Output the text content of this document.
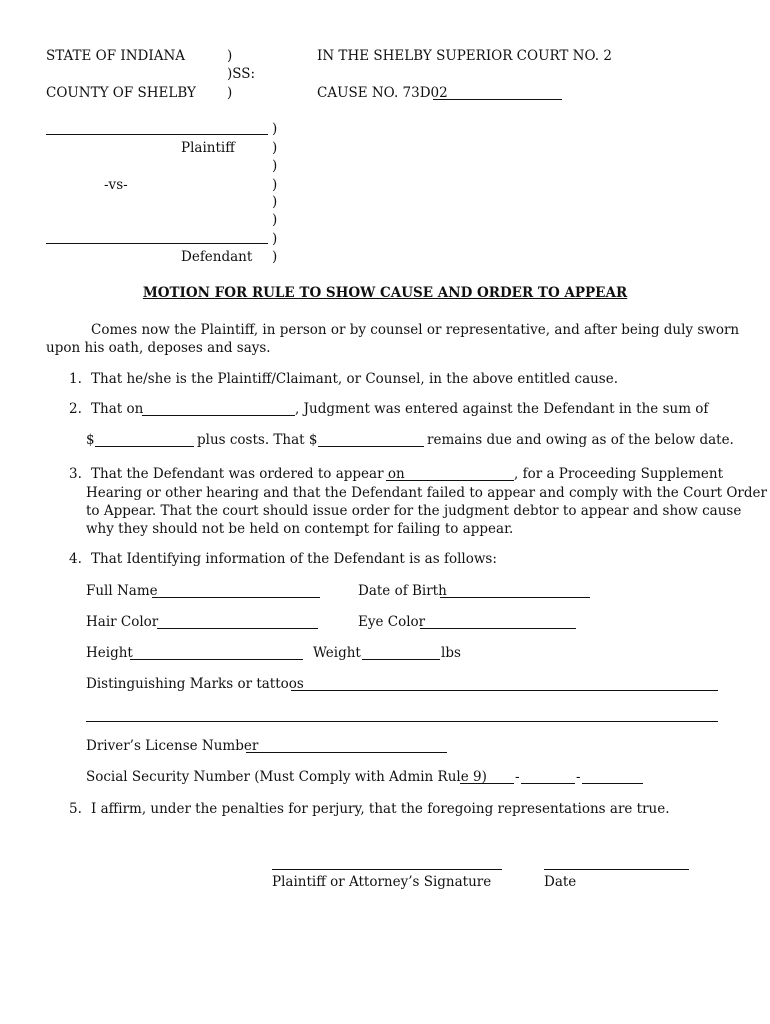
STATE OF INDIANA	)
)SS:
COUNTY OF SHELBY )
IN THE SHELBY SUPERIOR COURT NO. 2
CAUSE NO. 73D02
)
Plaintiff	)
)
-vs-	)
)
)
)
Defendant )
MOTION FOR RULE TO SHOW CAUSE AND ORDER TO APPEAR
Comes now the Plaintiff, in person or by counsel or representative, and after being duly sworn
upon his oath, deposes and says.
1. That he/she is the Plaintiff/Claimant, or Counsel, in the above entitled cause.
2. That on	, Judgment was entered against the Defendant in the sum of
$	plus costs. That $	remains due and owing as of the below date.
3. That the Defendant was ordered to appear on	, for a Proceeding Supplement
Hearing or other hearing and that the Defendant failed to appear and comply with the Court Order
to Appear. That the court should issue order for the judgment debtor to appear and show cause
why they should not be held on contempt for failing to appear.
4. That Identifying information of the Defendant is as follows:
Full Name	Date of Birth
Hair Color	Eye Color
Height	Weight	lbs
Distinguishing Marks or tattoos
Driver’s License Number
Social Security Number (Must Comply with Admin Rule 9) -	-
5. I affirm, under the penalties for perjury, that the foregoing representations are true.
Plaintiff or Attorney’s Signature	Date
